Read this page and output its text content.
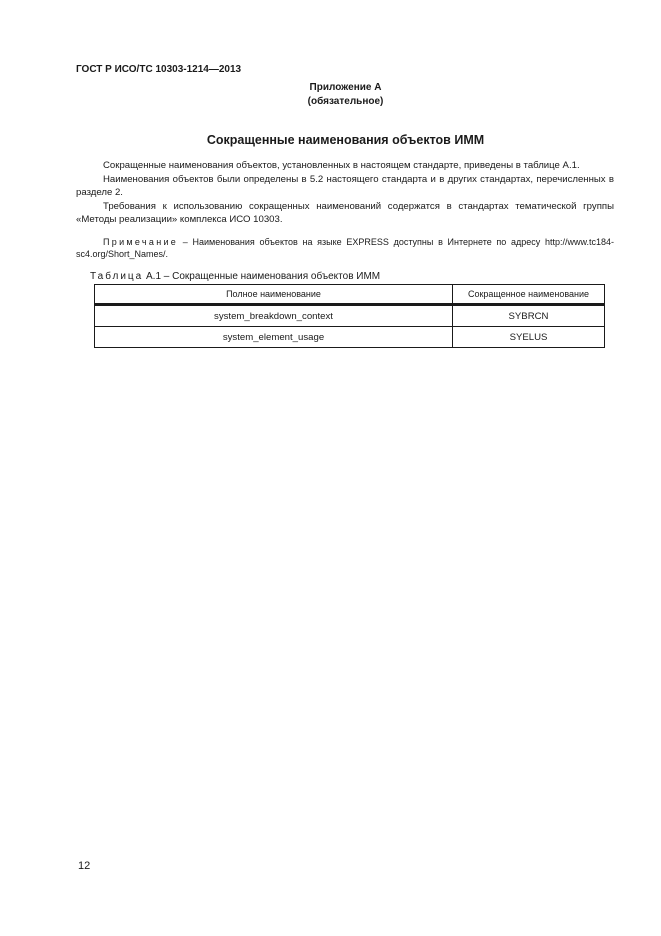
ГОСТ Р ИСО/ТС 10303-1214—2013
Приложение А
(обязательное)
Сокращенные наименования объектов ИММ
Сокращенные наименования объектов, установленных в настоящем стандарте, приведены в таблице А.1.
Наименования объектов были определены в 5.2 настоящего стандарта и в других стандартах, перечисленных в разделе 2.
Требования к использованию сокращенных наименований содержатся в стандартах тематической группы «Методы реализации» комплекса ИСО 10303.
Примечание – Наименования объектов на языке EXPRESS доступны в Интернете по адресу http://www.tc184-sc4.org/Short_Names/.
Таблица А.1 – Сокращенные наименования объектов ИММ
Полное наименование	Сокращенное наименование
system_breakdown_context	SYBRCN
system_element_usage	SYELUS
12
